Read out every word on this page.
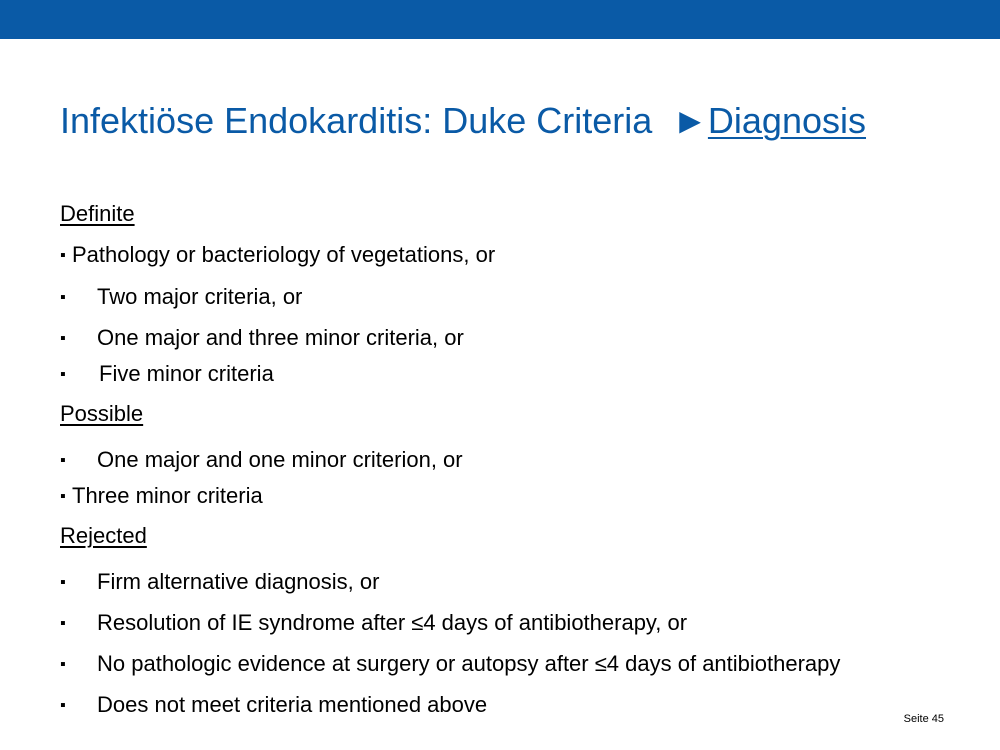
Infektiöse Endokarditis: Duke Criteria ►Diagnosis
Definite
▪ Pathology or bacteriology of vegetations, or
▪ Two major criteria, or
▪ One major and three minor criteria, or
▪ Five minor criteria
Possible
▪ One major and one minor criterion, or
▪ Three minor criteria
Rejected
▪ Firm alternative diagnosis, or
▪ Resolution of IE syndrome after ≤4 days of antibiotherapy, or
▪ No pathologic evidence at surgery or autopsy after ≤4 days of antibiotherapy
▪ Does not meet criteria mentioned above
Seite 45
